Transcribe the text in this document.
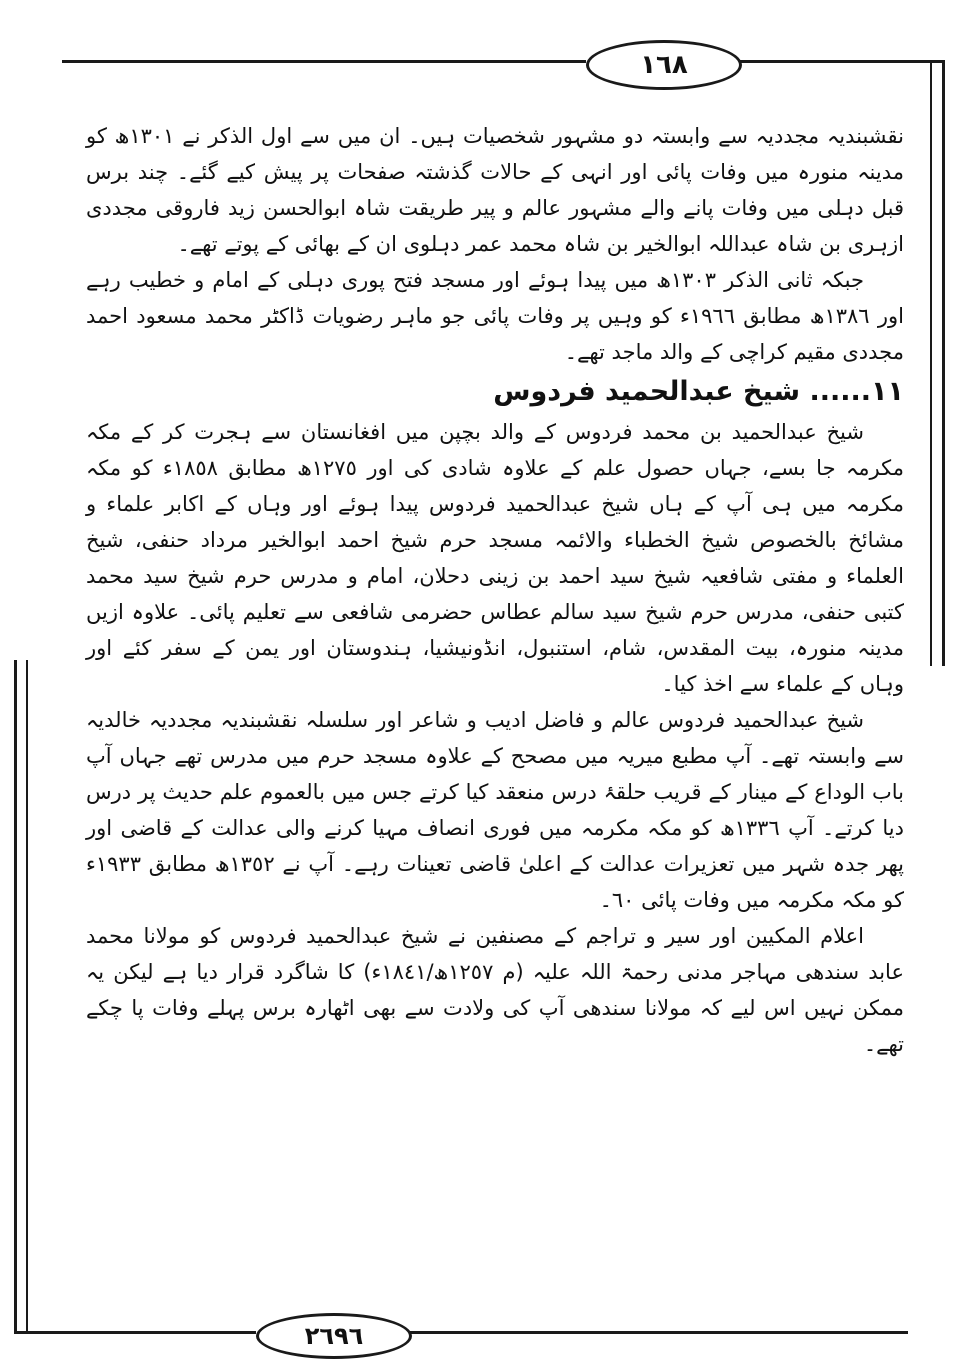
١٦٨
٢٦٩٦

نقشبندیہ مجددیہ سے وابستہ دو مشہور شخصیات ہیں۔ ان میں سے اول الذکر نے ١٣٠١ھ کو مدینہ منورہ میں وفات پائی اور انہی کے حالات گذشتہ صفحات پر پیش کیے گئے۔ چند برس قبل دہلی میں وفات پانے والے مشہور عالم و پیر طریقت شاہ ابوالحسن زید فاروقی مجددی ازہری بن شاہ عبداللہ ابوالخیر بن شاہ محمد عمر دہلوی ان کے بھائی کے پوتے تھے۔

جبکہ ثانی الذکر ١٣٠٣ھ میں پیدا ہوئے اور مسجد فتح پوری دہلی کے امام و خطیب رہے اور ١٣٨٦ھ مطابق ١٩٦٦ء کو وہیں پر وفات پائی جو ماہر رضویات ڈاکٹر محمد مسعود احمد مجددی مقیم کراچی کے والد ماجد تھے۔

١١...... شیخ عبدالحمید فردوس

شیخ عبدالحمید بن محمد فردوس کے والد بچپن میں افغانستان سے ہجرت کر کے مکہ مکرمہ جا بسے، جہاں حصول علم کے علاوہ شادی کی اور ١٢٧٥ھ مطابق ١٨٥٨ء کو مکہ مکرمہ میں ہی آپ کے ہاں شیخ عبدالحمید فردوس پیدا ہوئے اور وہاں کے اکابر علماء و مشائخ بالخصوص شیخ الخطباء والائمہ مسجد حرم شیخ احمد ابوالخیر مرداد حنفی، شیخ العلماء و مفتی شافعیہ شیخ سید احمد بن زینی دحلان، امام و مدرس حرم شیخ سید محمد کتبی حنفی، مدرس حرم شیخ سید سالم عطاس حضرمی شافعی سے تعلیم پائی۔ علاوہ ازیں مدینہ منورہ، بیت المقدس، شام، استنبول، انڈونیشیا، ہندوستان اور یمن کے سفر کئے اور وہاں کے علماء سے اخذ کیا۔

شیخ عبدالحمید فردوس عالم و فاضل ادیب و شاعر اور سلسلہ نقشبندیہ مجددیہ خالدیہ سے وابستہ تھے۔ آپ مطبع میریہ میں مصحح کے علاوہ مسجد حرم میں مدرس تھے جہاں آپ باب الوداع کے مینار کے قریب حلقۂ درس منعقد کیا کرتے جس میں بالعموم علم حدیث پر درس دیا کرتے۔ آپ ١٣٣٦ھ کو مکہ مکرمہ میں فوری انصاف مہیا کرنے والی عدالت کے قاضی اور پھر جدہ شہر میں تعزیرات عدالت کے اعلیٰ قاضی تعینات رہے۔ آپ نے ١٣٥٢ھ مطابق ١٩٣٣ء کو مکہ مکرمہ میں وفات پائی ٦٠۔

اعلام المکیین اور سیر و تراجم کے مصنفین نے شیخ عبدالحمید فردوس کو مولانا محمد عابد سندھی مہاجر مدنی رحمۃ اللہ علیہ (م ١٢٥٧ھ/١٨٤١ء) کا شاگرد قرار دیا ہے لیکن یہ ممکن نہیں اس لیے کہ مولانا سندھی آپ کی ولادت سے بھی اٹھارہ برس پہلے وفات پا چکے تھے۔
